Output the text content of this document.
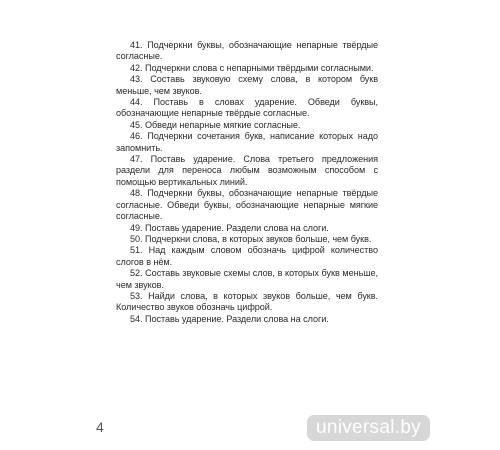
41. Подчеркни буквы, обозначающие непарные твёрдые согласные.

42. Подчеркни слова с непарными твёрдыми согласными.

43. Составь звуковую схему слова, в котором букв меньше, чем звуков.

44. Поставь в словах ударение. Обведи буквы, обозначающие непарные твёрдые согласные.

45. Обведи непарные мягкие согласные.

46. Подчеркни сочетания букв, написание которых надо запомнить.

47. Поставь ударение. Слова третьего предложения раздели для переноса любым возможным способом с помощью вертикальных линий.

48. Подчеркни буквы, обозначающие непарные твёрдые согласные. Обведи буквы, обозначающие непарные мягкие согласные.

49. Поставь ударение. Раздели слова на слоги.

50. Подчеркни слова, в которых звуков больше, чем букв.

51. Над каждым словом обозначь цифрой количество слогов в нём.

52. Составь звуковые схемы слов, в которых букв меньше, чем звуков.

53. Найди слова, в которых звуков больше, чем букв. Количество звуков обозначь цифрой.

54. Поставь ударение. Раздели слова на слоги.

4	universal.by
